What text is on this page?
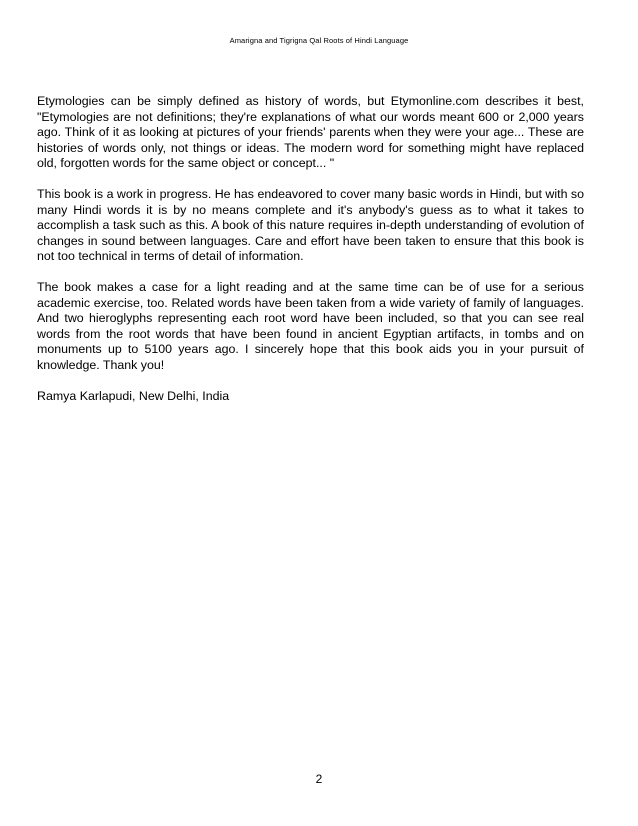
Amarigna and Tigrigna Qal Roots of Hindi Language

Etymologies can be simply defined as history of words, but Etymonline.com describes it best, "Etymologies are not definitions; they're explanations of what our words meant 600 or 2,000 years ago. Think of it as looking at pictures of your friends' parents when they were your age... These are histories of words only, not things or ideas. The modern word for something might have replaced old, forgotten words for the same object or concept... "

This book is a work in progress. He has endeavored to cover many basic words in Hindi, but with so many Hindi words it is by no means complete and it's anybody's guess as to what it takes to accomplish a task such as this. A book of this nature requires in-depth understanding of evolution of changes in sound between languages. Care and effort have been taken to ensure that this book is not too technical in terms of detail of information.

The book makes a case for a light reading and at the same time can be of use for a serious academic exercise, too. Related words have been taken from a wide variety of family of languages. And two hieroglyphs representing each root word have been included, so that you can see real words from the root words that have been found in ancient Egyptian artifacts, in tombs and on monuments up to 5100 years ago. I sincerely hope that this book aids you in your pursuit of knowledge. Thank you!

Ramya Karlapudi, New Delhi, India

2
